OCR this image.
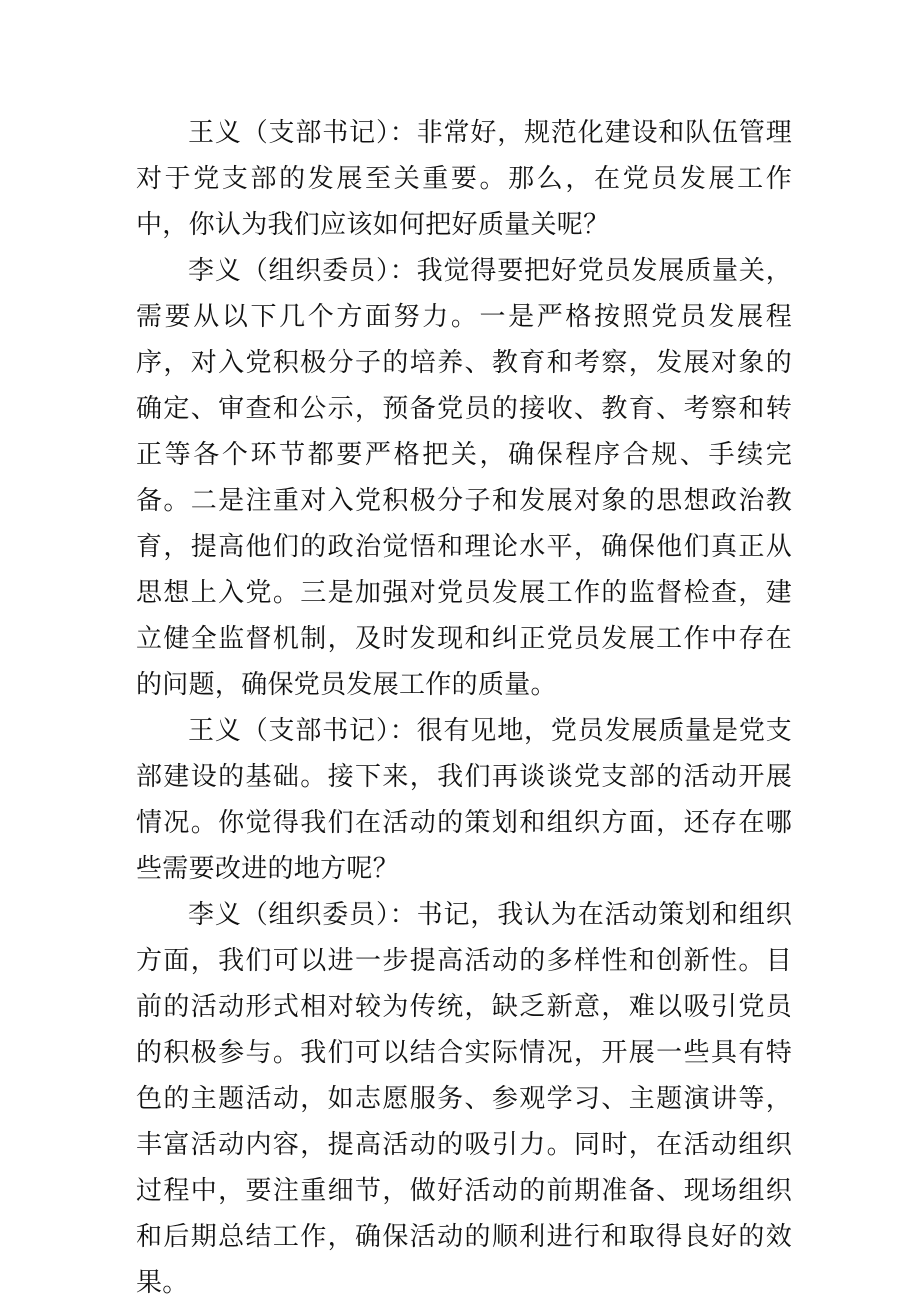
王义（支部书记）：非常好，规范化建设和队伍管理对于党支部的发展至关重要。那么，在党员发展工作中，你认为我们应该如何把好质量关呢？

李义（组织委员）：我觉得要把好党员发展质量关，需要从以下几个方面努力。一是严格按照党员发展程序，对入党积极分子的培养、教育和考察，发展对象的确定、审查和公示，预备党员的接收、教育、考察和转正等各个环节都要严格把关，确保程序合规、手续完备。二是注重对入党积极分子和发展对象的思想政治教育，提高他们的政治觉悟和理论水平，确保他们真正从思想上入党。三是加强对党员发展工作的监督检查，建立健全监督机制，及时发现和纠正党员发展工作中存在的问题，确保党员发展工作的质量。

王义（支部书记）：很有见地，党员发展质量是党支部建设的基础。接下来，我们再谈谈党支部的活动开展情况。你觉得我们在活动的策划和组织方面，还存在哪些需要改进的地方呢？

李义（组织委员）：书记，我认为在活动策划和组织方面，我们可以进一步提高活动的多样性和创新性。目前的活动形式相对较为传统，缺乏新意，难以吸引党员的积极参与。我们可以结合实际情况，开展一些具有特色的主题活动，如志愿服务、参观学习、主题演讲等，丰富活动内容，提高活动的吸引力。同时，在活动组织过程中，要注重细节，做好活动的前期准备、现场组织和后期总结工作，确保活动的顺利进行和取得良好的效果。
